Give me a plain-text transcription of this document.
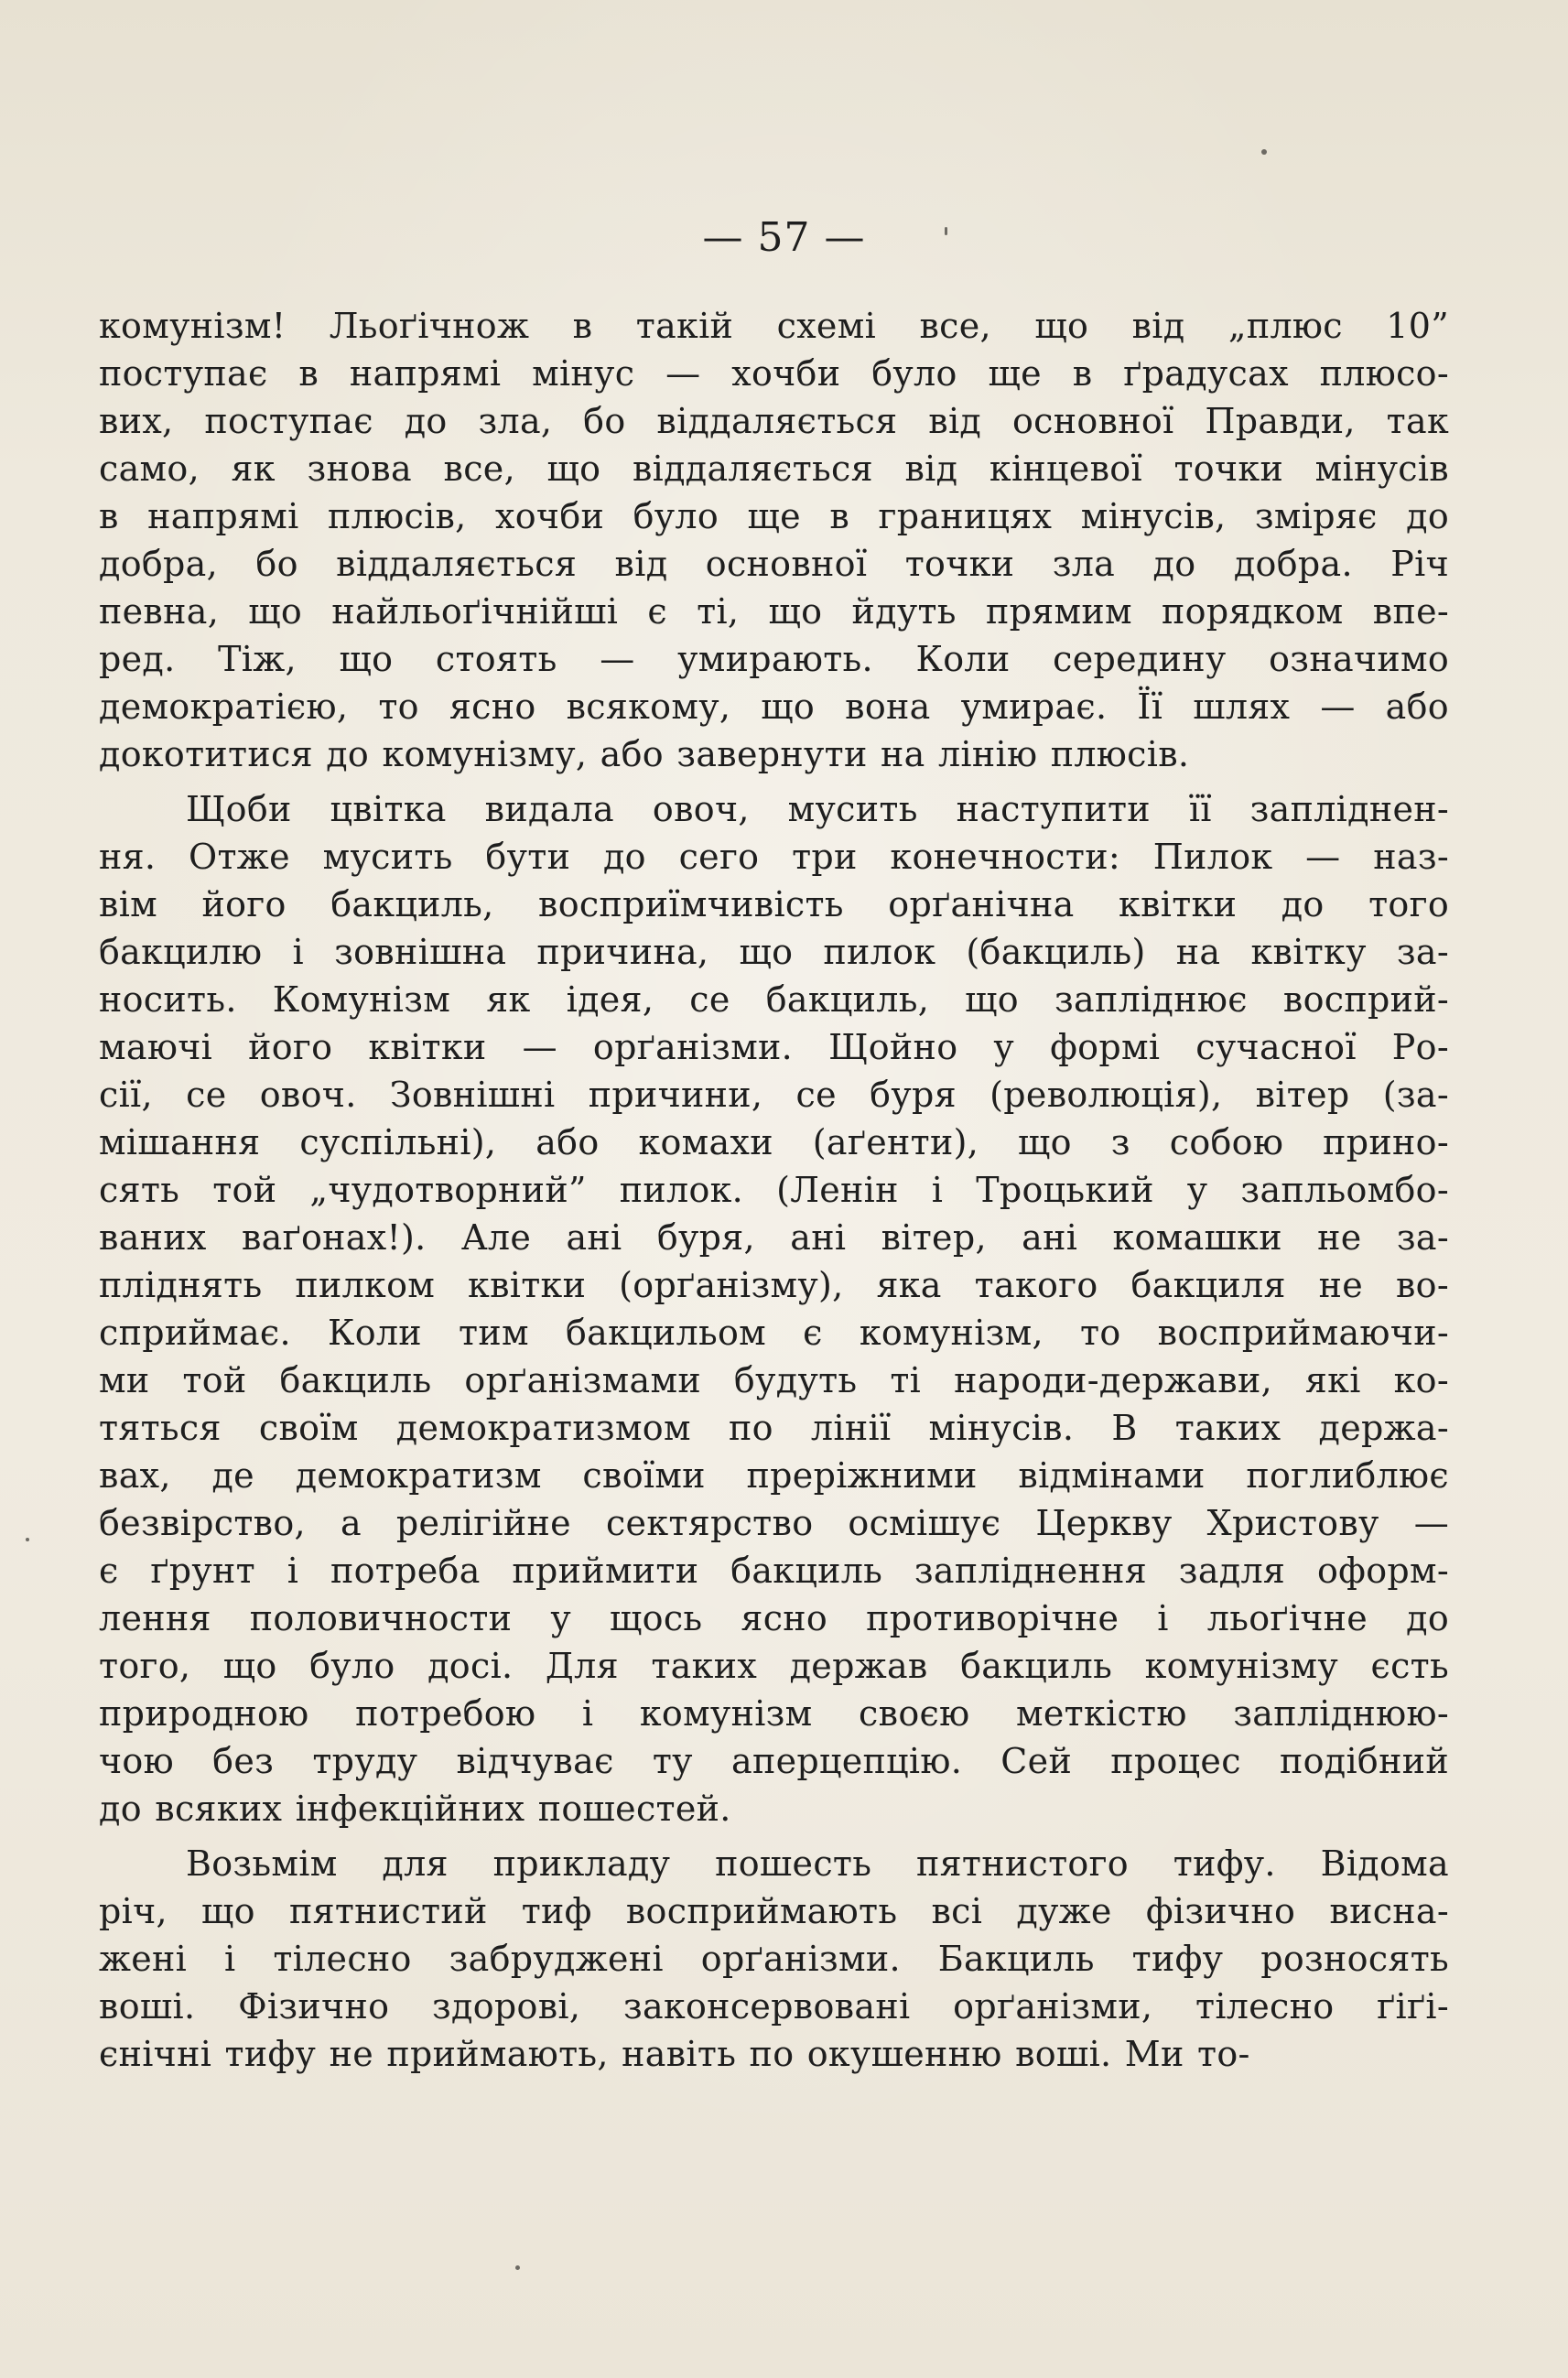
— 57 —
комунізм! Льоґічнож в такій схемі все, що від „плюс 10”
поступає в напрямі мінус — хочби було ще в ґрадусах плюсо-
вих, поступає до зла, бо віддаляється від основної Правди, так
само, як знова все, що віддаляється від кінцевої точки мінусів
в напрямі плюсів, хочби було ще в границях мінусів, зміряє до
добра, бо віддаляється від основної точки зла до добра. Річ
певна, що найльоґічнійші є ті, що йдуть прямим порядком впе-
ред. Тіж, що стоять — умирають. Коли середину означимо
демократією, то ясно всякому, що вона умирає. Її шлях — або
докотитися до комунізму, або завернути на лінію плюсів.
Щоби цвітка видала овоч, мусить наступити її запліднен-
ня. Отже мусить бути до сего три конечности: Пилок — наз-
вім його бакциль, восприїмчивість орґанічна квітки до того
бакцилю і зовнішна причина, що пилок (бакциль) на квітку за-
носить. Комунізм як ідея, се бакциль, що запліднює восприй-
маючі його квітки — орґанізми. Щойно у формі сучасної Ро-
сії, се овоч. Зовнішні причини, се буря (революція), вітер (за-
мішання суспільні), або комахи (аґенти), що з собою прино-
сять той „чудотворний” пилок. (Ленін і Троцький у запльомбо-
ваних ваґонах!). Але ані буря, ані вітер, ані комашки не за-
пліднять пилком квітки (орґанізму), яка такого бакциля не во-
сприймає. Коли тим бакцильом є комунізм, то восприймаючи-
ми той бакциль орґанізмами будуть ті народи-держави, які ко-
тяться своїм демократизмом по лінії мінусів. В таких держа-
вах, де демократизм своїми преріжними відмінами поглиблює
безвірство, а релігійне сектярство осмішує Церкву Христову —
є ґрунт і потреба приймити бакциль запліднення задля оформ-
лення половичности у щось ясно противорічне і льоґічне до
того, що було досі. Для таких держав бакциль комунізму єсть
природною потребою і комунізм своєю меткістю запліднюю-
чою без труду відчуває ту аперцепцію. Сей процес подібний
до всяких інфекційних пошестей.
Возьмім для прикладу пошесть пятнистого тифу. Відома
річ, що пятнистий тиф восприймають всі дуже фізично висна-
жені і тілесно забруджені орґанізми. Бакциль тифу розносять
воші. Фізично здорові, законсервовані орґанізми, тілесно ґіґі-
єнічні тифу не приймають, навіть по окушенню воші. Ми то-
